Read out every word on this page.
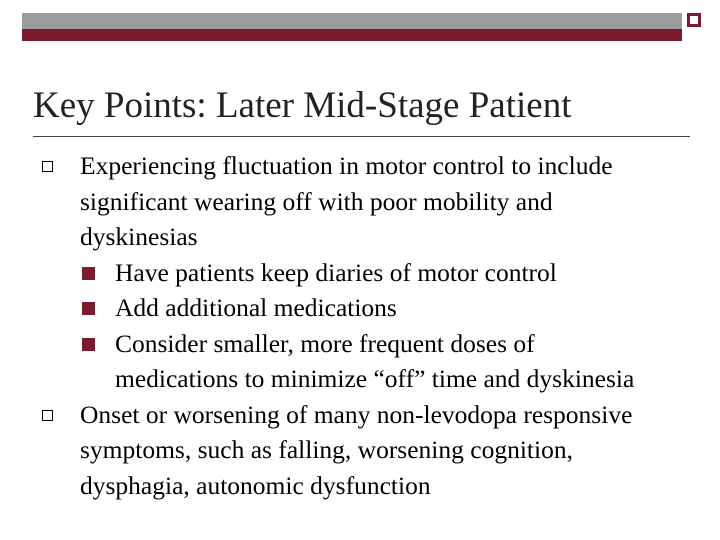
Key Points: Later Mid-Stage Patient
Experiencing fluctuation in motor control to include significant wearing off with poor mobility and dyskinesias
Have patients keep diaries of motor control
Add additional medications
Consider smaller, more frequent doses of medications to minimize “off” time and dyskinesia
Onset or worsening of many non-levodopa responsive symptoms, such as falling, worsening cognition, dysphagia, autonomic dysfunction
